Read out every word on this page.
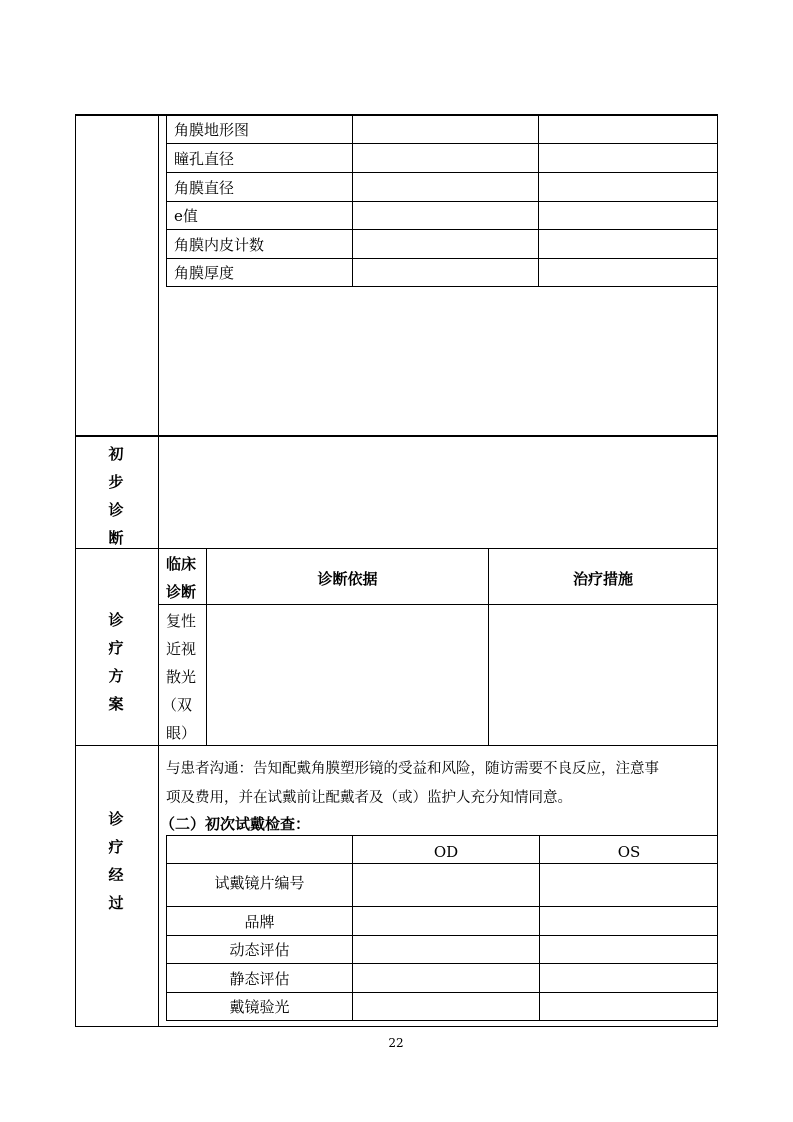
角膜地形图
瞳孔直径
角膜直径
e值
角膜内皮计数
角膜厚度
初
步
诊
断
诊
疗
方
案
临床
诊断
诊断依据	治疗措施
复性
近视
散光
（双
眼）
诊
疗
经
过
与患者沟通：告知配戴角膜塑形镜的受益和风险，随访需要不良反应，注意事
项及费用，并在试戴前让配戴者及（或）监护人充分知情同意。
（二）初次试戴检查：
OD	OS
试戴镜片编号
品牌
动态评估
静态评估
戴镜验光
22
